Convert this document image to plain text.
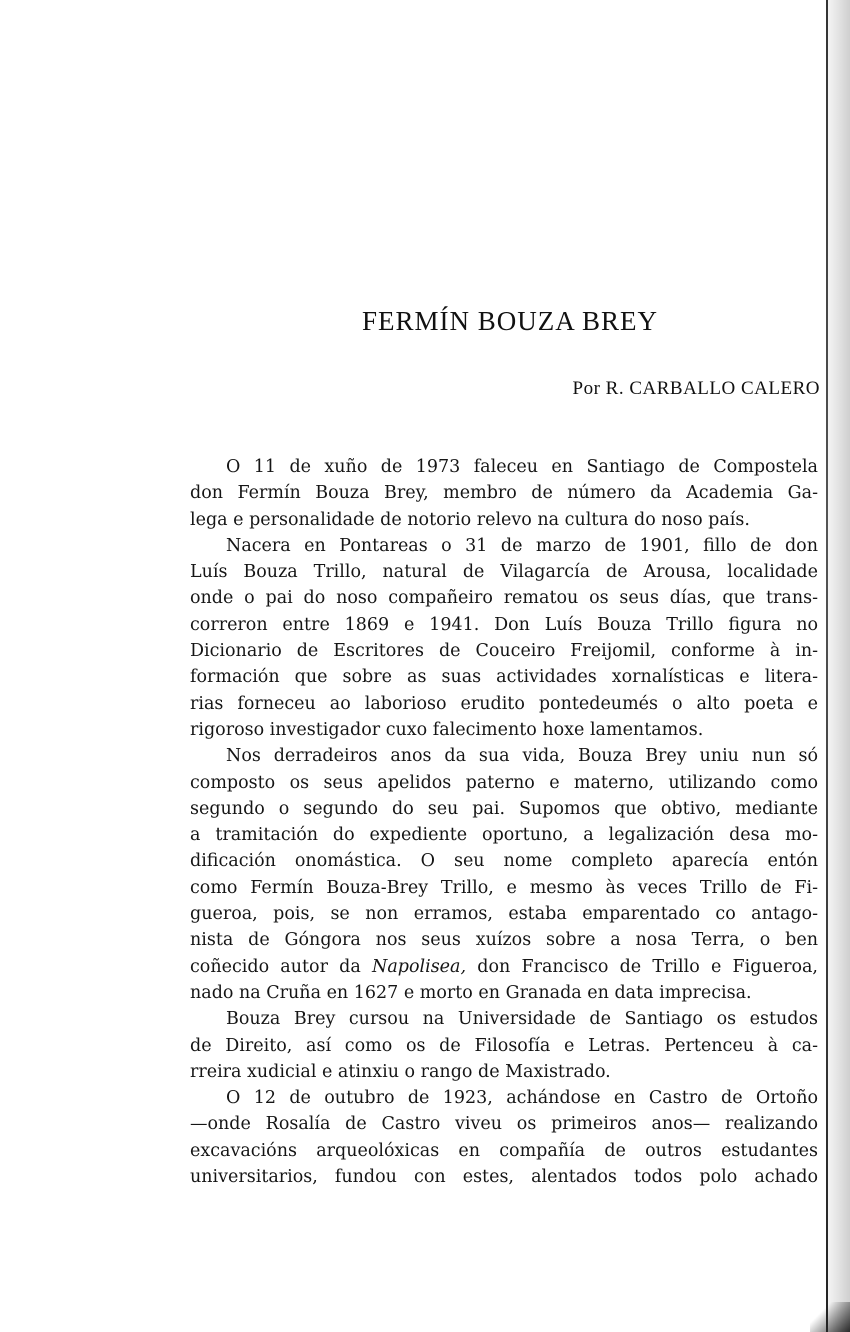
FERMÍN BOUZA BREY
Por R. CARBALLO CALERO
O 11 de xuño de 1973 faleceu en Santiago de Compostela
don Fermín Bouza Brey, membro de número da Academia Ga-
lega e personalidade de notorio relevo na cultura do noso país.
Nacera en Pontareas o 31 de marzo de 1901, fillo de don
Luís Bouza Trillo, natural de Vilagarcía de Arousa, localidade
onde o pai do noso compañeiro rematou os seus días, que trans-
correron entre 1869 e 1941. Don Luís Bouza Trillo figura no
Dicionario de Escritores de Couceiro Freijomil, conforme à in-
formación que sobre as suas actividades xornalísticas e litera-
rias forneceu ao laborioso erudito pontedeumés o alto poeta e
rigoroso investigador cuxo falecimento hoxe lamentamos.
Nos derradeiros anos da sua vida, Bouza Brey uniu nun só
composto os seus apelidos paterno e materno, utilizando como
segundo o segundo do seu pai. Supomos que obtivo, mediante
a tramitación do expediente oportuno, a legalización desa mo-
dificación onomástica. O seu nome completo aparecía entón
como Fermín Bouza-Brey Trillo, e mesmo às veces Trillo de Fi-
gueroa, pois, se non erramos, estaba emparentado co antago-
nista de Góngora nos seus xuízos sobre a nosa Terra, o ben
coñecido autor da Napolisea, don Francisco de Trillo e Figueroa,
nado na Cruña en 1627 e morto en Granada en data imprecisa.
Bouza Brey cursou na Universidade de Santiago os estudos
de Direito, así como os de Filosofía e Letras. Pertenceu à ca-
rreira xudicial e atinxiu o rango de Maxistrado.
O 12 de outubro de 1923, achándose en Castro de Ortoño
—onde Rosalía de Castro viveu os primeiros anos— realizando
excavacións arqueolóxicas en compañía de outros estudantes
universitarios, fundou con estes, alentados todos polo achado
